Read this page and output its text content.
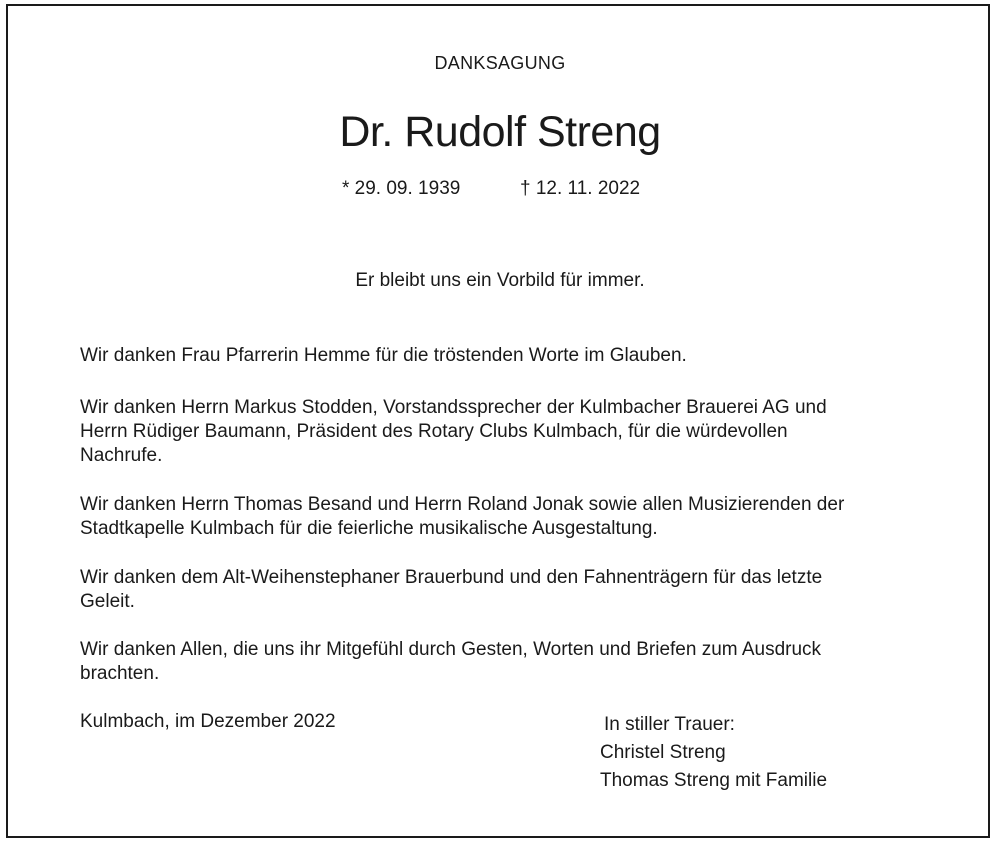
DANKSAGUNG
Dr. Rudolf Streng
* 29. 09. 1939	† 12. 11. 2022
Er bleibt uns ein Vorbild für immer.

Wir danken Frau Pfarrerin Hemme für die tröstenden Worte im Glauben.

Wir danken Herrn Markus Stodden, Vorstandssprecher der Kulmbacher Brauerei AG und Herrn Rüdiger Baumann, Präsident des Rotary Clubs Kulmbach, für die würdevollen Nachrufe.

Wir danken Herrn Thomas Besand und Herrn Roland Jonak sowie allen Musizierenden der Stadtkapelle Kulmbach für die feierliche musikalische Ausgestaltung.

Wir danken dem Alt-Weihenstephaner Brauerbund und den Fahnenträgern für das letzte Geleit.

Wir danken Allen, die uns ihr Mitgefühl durch Gesten, Worten und Briefen zum Ausdruck brachten.

Kulmbach, im Dezember 2022	In stiller Trauer:
Christel Streng
Thomas Streng mit Familie
